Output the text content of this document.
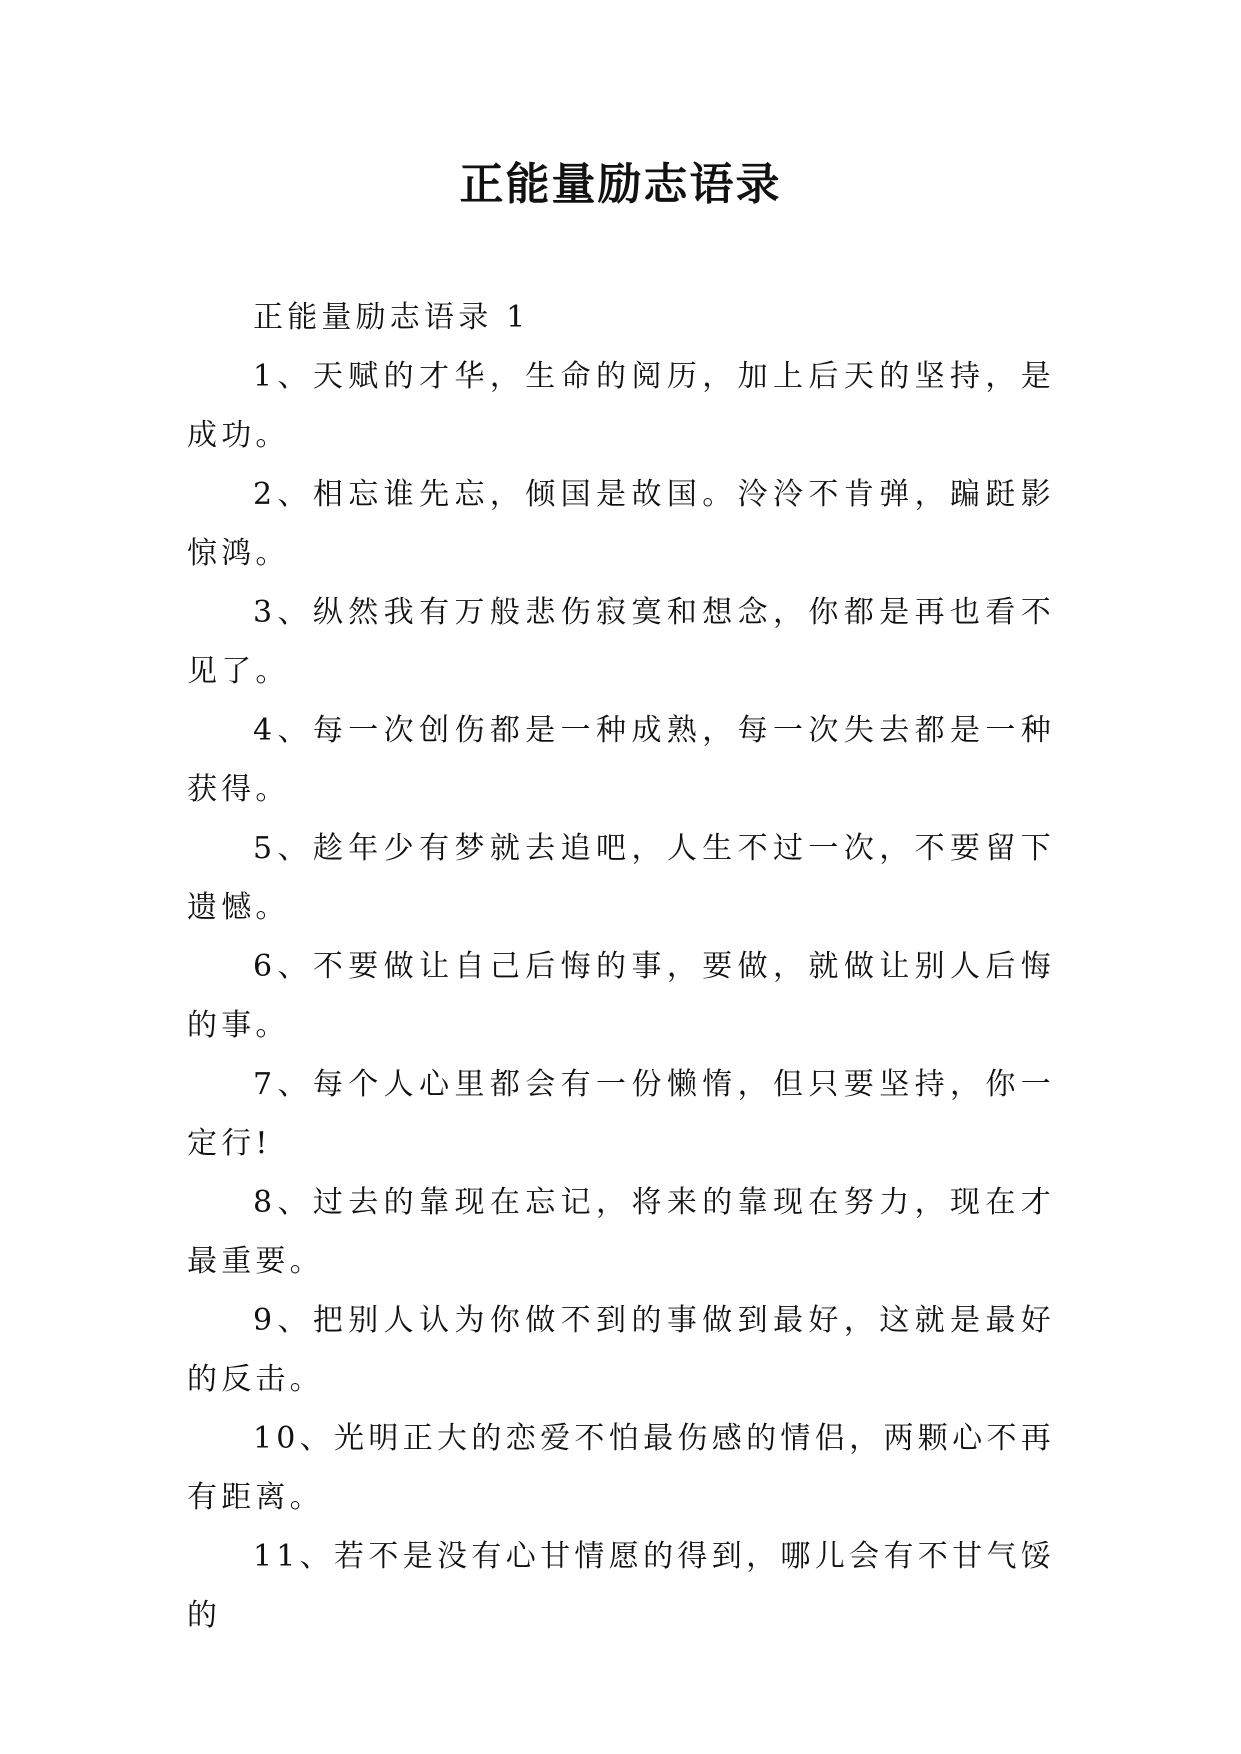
正能量励志语录

正能量励志语录 1

1、天赋的才华，生命的阅历，加上后天的坚持，是成功。
2、相忘谁先忘，倾国是故国。泠泠不肯弹，蹁跹影惊鸿。
3、纵然我有万般悲伤寂寞和想念，你都是再也看不见了。
4、每一次创伤都是一种成熟，每一次失去都是一种获得。
5、趁年少有梦就去追吧，人生不过一次，不要留下遗憾。
6、不要做让自己后悔的事，要做，就做让别人后悔的事。
7、每个人心里都会有一份懒惰，但只要坚持，你一定行!
8、过去的靠现在忘记，将来的靠现在努力，现在才最重要。
9、把别人认为你做不到的事做到最好，这就是最好的反击。
10、光明正大的恋爱不怕最伤感的情侣，两颗心不再有距离。
11、若不是没有心甘情愿的得到，哪儿会有不甘气馁的
